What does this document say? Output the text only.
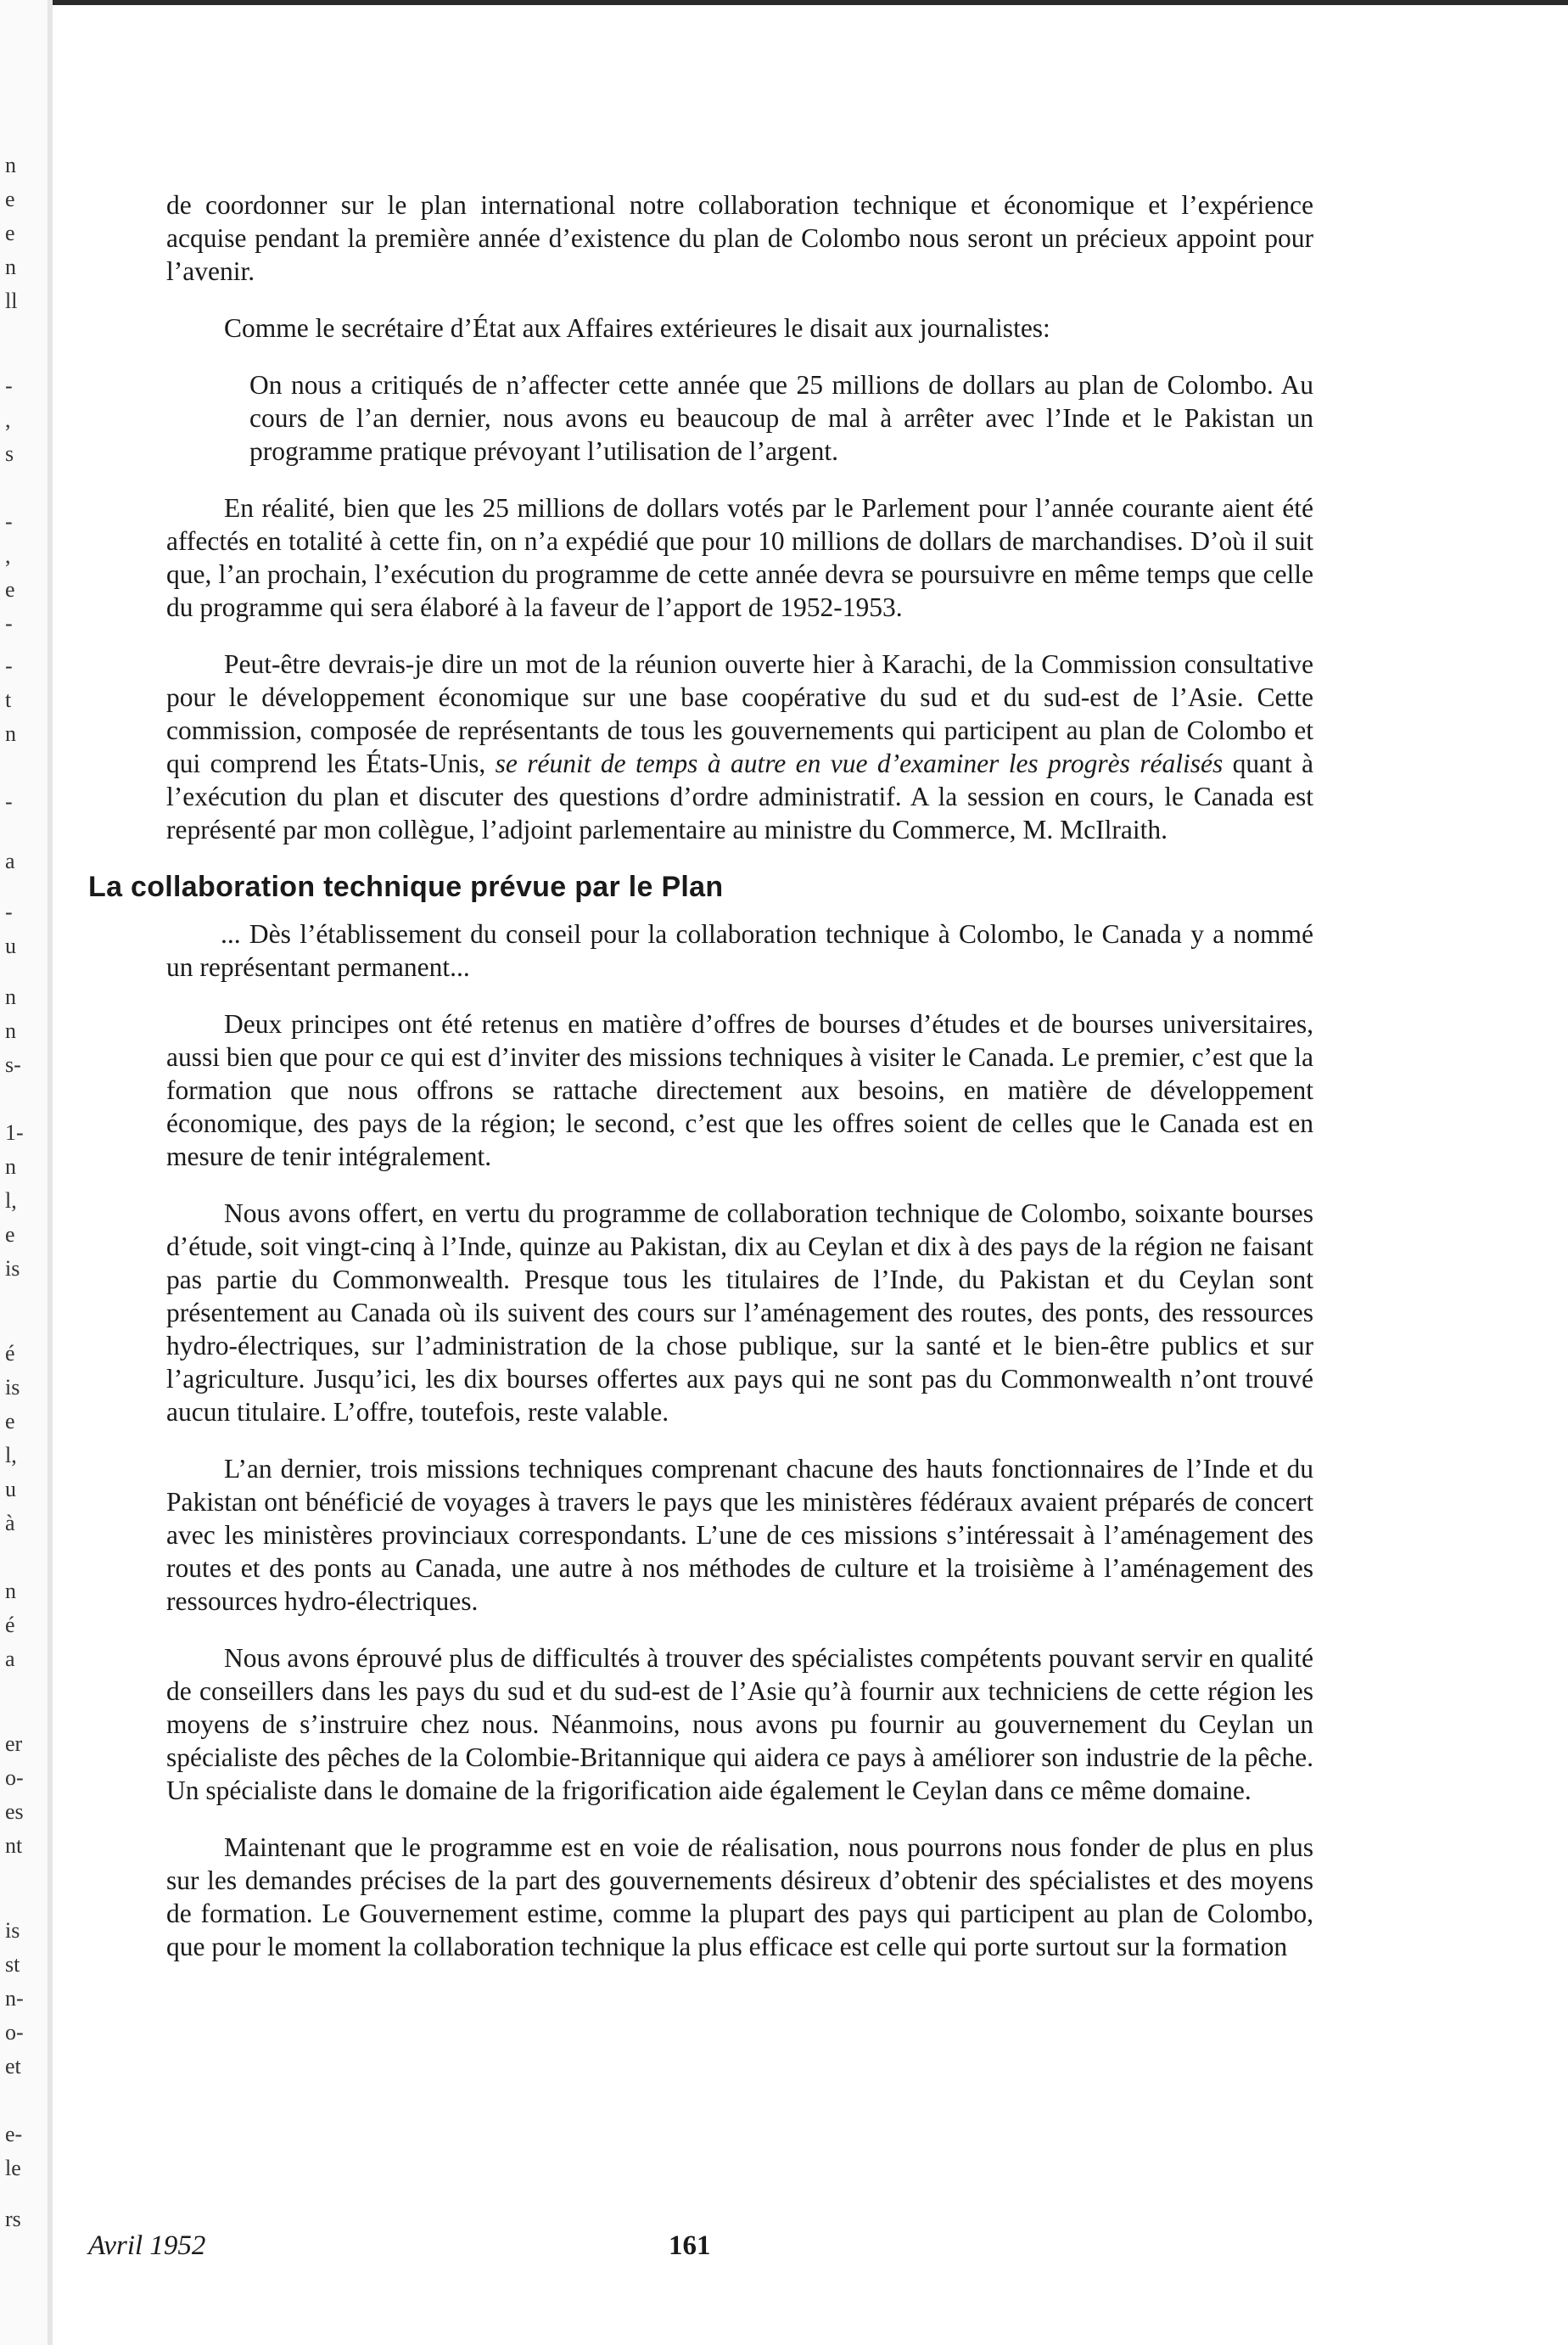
n
e
e
n
ll
-
,
s
-
,
e
-
-
t
n
-
a
-
u
n
n
s-
1-
n
l,
e
is
é
is
e
l,
u
à
n
é
a
er
o-
es
nt
is
st
n-
o-
et
e-
le
rs

de coordonner sur le plan international notre collaboration technique et économique et l’expérience acquise pendant la première année d’existence du plan de Colombo nous seront un précieux appoint pour l’avenir.

Comme le secrétaire d’État aux Affaires extérieures le disait aux journalistes:

On nous a critiqués de n’affecter cette année que 25 millions de dollars au plan de Colombo. Au cours de l’an dernier, nous avons eu beaucoup de mal à arrêter avec l’Inde et le Pakistan un programme pratique prévoyant l’utilisation de l’argent.

En réalité, bien que les 25 millions de dollars votés par le Parlement pour l’année courante aient été affectés en totalité à cette fin, on n’a expédié que pour 10 millions de dollars de marchandises. D’où il suit que, l’an prochain, l’exécution du programme de cette année devra se poursuivre en même temps que celle du programme qui sera élaboré à la faveur de l’apport de 1952-1953.

Peut-être devrais-je dire un mot de la réunion ouverte hier à Karachi, de la Commission consultative pour le développement économique sur une base coopérative du sud et du sud-est de l’Asie. Cette commission, composée de représentants de tous les gouvernements qui participent au plan de Colombo et qui comprend les États-Unis, se réunit de temps à autre en vue d’examiner les progrès réalisés quant à l’exécution du plan et discuter des questions d’ordre administratif. A la session en cours, le Canada est représenté par mon collègue, l’adjoint parlementaire au ministre du Commerce, M. McIlraith.

La collaboration technique prévue par le Plan

... Dès l’établissement du conseil pour la collaboration technique à Colombo, le Canada y a nommé un représentant permanent...

Deux principes ont été retenus en matière d’offres de bourses d’études et de bourses universitaires, aussi bien que pour ce qui est d’inviter des missions techniques à visiter le Canada. Le premier, c’est que la formation que nous offrons se rattache directement aux besoins, en matière de développement économique, des pays de la région; le second, c’est que les offres soient de celles que le Canada est en mesure de tenir intégralement.

Nous avons offert, en vertu du programme de collaboration technique de Colombo, soixante bourses d’étude, soit vingt-cinq à l’Inde, quinze au Pakistan, dix au Ceylan et dix à des pays de la région ne faisant pas partie du Commonwealth. Presque tous les titulaires de l’Inde, du Pakistan et du Ceylan sont présentement au Canada où ils suivent des cours sur l’aménagement des routes, des ponts, des ressources hydro-électriques, sur l’administration de la chose publique, sur la santé et le bien-être publics et sur l’agriculture. Jusqu’ici, les dix bourses offertes aux pays qui ne sont pas du Commonwealth n’ont trouvé aucun titulaire. L’offre, toutefois, reste valable.

L’an dernier, trois missions techniques comprenant chacune des hauts fonctionnaires de l’Inde et du Pakistan ont bénéficié de voyages à travers le pays que les ministères fédéraux avaient préparés de concert avec les ministères provinciaux correspondants. L’une de ces missions s’intéressait à l’aménagement des routes et des ponts au Canada, une autre à nos méthodes de culture et la troisième à l’aménagement des ressources hydro-électriques.

Nous avons éprouvé plus de difficultés à trouver des spécialistes compétents pouvant servir en qualité de conseillers dans les pays du sud et du sud-est de l’Asie qu’à fournir aux techniciens de cette région les moyens de s’instruire chez nous. Néanmoins, nous avons pu fournir au gouvernement du Ceylan un spécialiste des pêches de la Colombie-Britannique qui aidera ce pays à améliorer son industrie de la pêche. Un spécialiste dans le domaine de la frigorification aide également le Ceylan dans ce même domaine.

Maintenant que le programme est en voie de réalisation, nous pourrons nous fonder de plus en plus sur les demandes précises de la part des gouvernements désireux d’obtenir des spécialistes et des moyens de formation. Le Gouvernement estime, comme la plupart des pays qui participent au plan de Colombo, que pour le moment la collaboration technique la plus efficace est celle qui porte surtout sur la formation

Avril 1952	161
